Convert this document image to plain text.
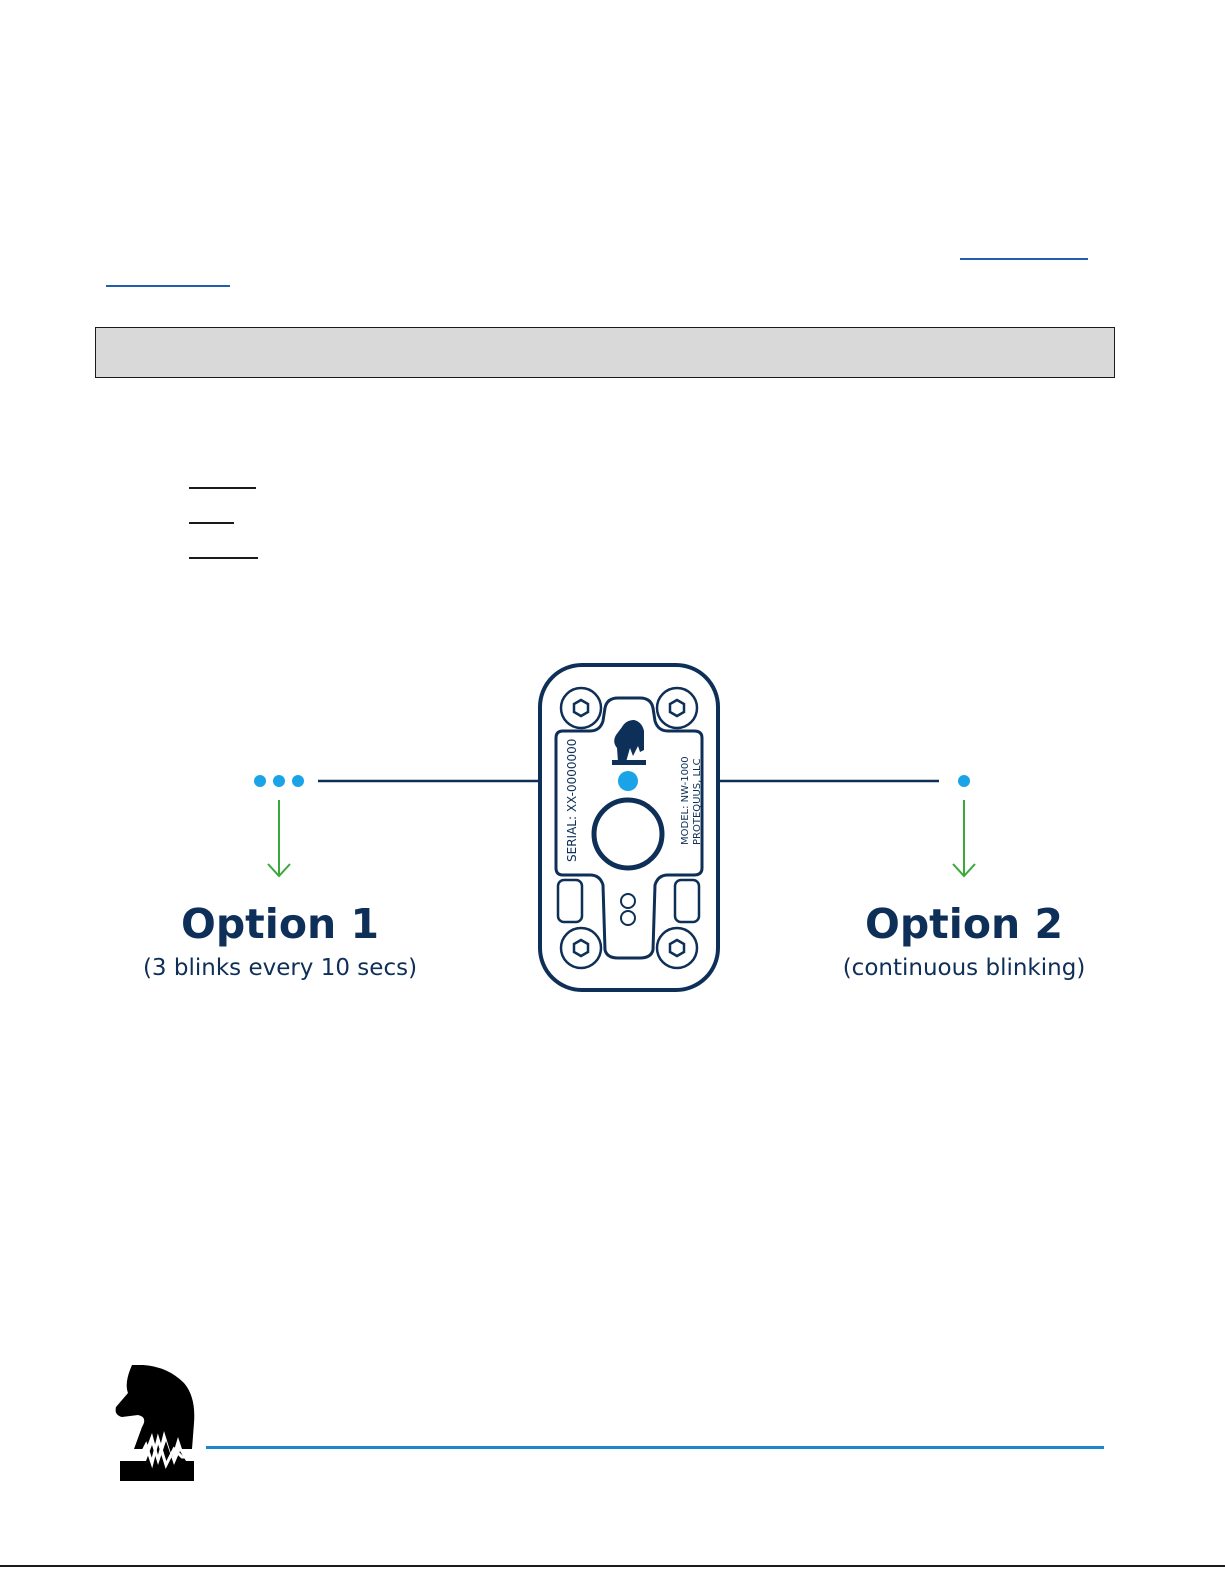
SERIAL: XX-0000000	MODEL: NW-1000 PROTEQUUS, LLC
Option 1
(3 blinks every 10 secs)
Option 2
(continuous blinking)
